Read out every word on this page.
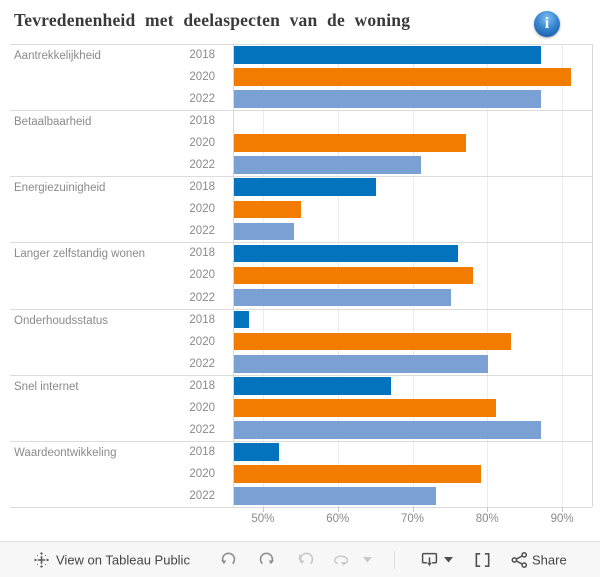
Tevredenenheid met deelaspecten van de woning	i
Aantrekkelijkheid	2018
2020
2022
Betaalbaarheid	2018
2020
2022
Energiezuinigheid	2018
2020
2022
Langer zelfstandig wonen	2018
2020
2022
Onderhoudsstatus	2018
2020
2022
Snel internet	2018
2020
2022
Waardeontwikkeling	2018
2020
2022
50%	60%	70%	80%	90%
View on Tableau Public	Share
